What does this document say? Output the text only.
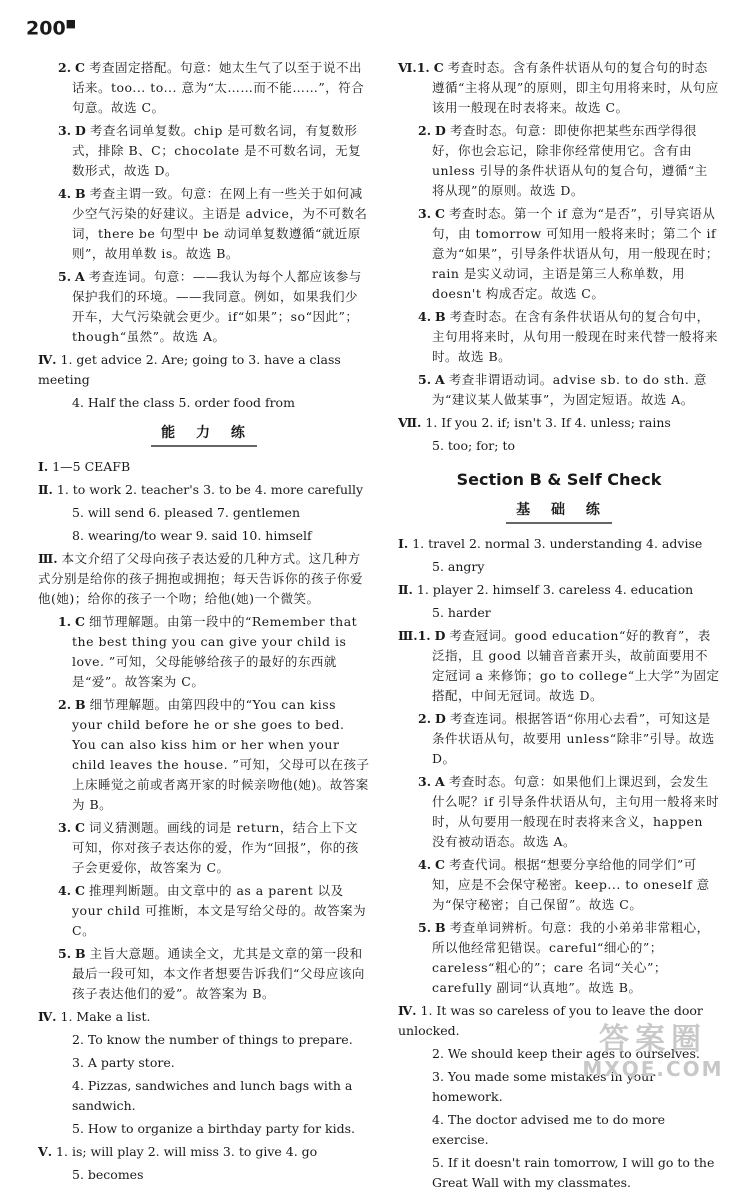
200■
2. C 考查固定搭配。句意：她太生气了以至于说不出话来。too... to... 意为“太……而不能……”，符合句意。故选 C。
3. D 考查名词单复数。chip 是可数名词，有复数形式，排除 B、C；chocolate 是不可数名词，无复数形式，故选 D。
4. B 考查主谓一致。句意：在网上有一些关于如何减少空气污染的好建议。主语是 advice，为不可数名词，there be 句型中 be 动词单复数遵循“就近原则”，故用单数 is。故选 B。
5. A 考查连词。句意：——我认为每个人都应该参与保护我们的环境。——我同意。例如，如果我们少开车，大气污染就会更少。if“如果”；so“因此”；though“虽然”。故选 A。
Ⅳ. 1. get advice 2. Are; going to 3. have a class meeting
4. Half the class 5. order food from
能 力 练
Ⅰ. 1—5 CEAFB
Ⅱ. 1. to work 2. teacher's 3. to be 4. more carefully
5. will send 6. pleased 7. gentlemen
8. wearing/to wear 9. said 10. himself
Ⅲ. 本文介绍了父母向孩子表达爱的几种方式。这几种方式分别是给你的孩子拥抱或拥抱；每天告诉你的孩子你爱他(她)；给你的孩子一个吻；给他(她)一个微笑。
1. C 细节理解题。由第一段中的“Remember that the best thing you can give your child is love. ”可知，父母能够给孩子的最好的东西就是“爱”。故答案为 C。
2. B 细节理解题。由第四段中的“You can kiss your child before he or she goes to bed. You can also kiss him or her when your child leaves the house. ”可知，父母可以在孩子上床睡觉之前或者离开家的时候亲吻他(她)。故答案为 B。
3. C 词义猜测题。画线的词是 return，结合上下文可知，你对孩子表达你的爱，作为“回报”，你的孩子会更爱你，故答案为 C。
4. C 推理判断题。由文章中的 as a parent 以及 your child 可推断，本文是写给父母的。故答案为 C。
5. B 主旨大意题。通读全文，尤其是文章的第一段和最后一段可知，本文作者想要告诉我们“父母应该向孩子表达他们的爱”。故答案为 B。
Ⅳ. 1. Make a list.
2. To know the number of things to prepare.
3. A party store.
4. Pizzas, sandwiches and lunch bags with a sandwich.
5. How to organize a birthday party for kids.
Ⅴ. 1. is; will play 2. will miss 3. to give 4. go
5. becomes
Ⅵ.1. C 考查时态。含有条件状语从句的复合句的时态遵循“主将从现”的原则，即主句用将来时，从句应该用一般现在时表将来。故选 C。
2. D 考查时态。句意：即使你把某些东西学得很好，你也会忘记，除非你经常使用它。含有由 unless 引导的条件状语从句的复合句，遵循“主将从现”的原则。故选 D。
3. C 考查时态。第一个 if 意为“是否”，引导宾语从句，由 tomorrow 可知用一般将来时；第二个 if 意为“如果”，引导条件状语从句，用一般现在时；rain 是实义动词，主语是第三人称单数，用 doesn't 构成否定。故选 C。
4. B 考查时态。在含有条件状语从句的复合句中，主句用将来时，从句用一般现在时来代替一般将来时。故选 B。
5. A 考查非谓语动词。advise sb. to do sth. 意为“建议某人做某事”，为固定短语。故选 A。
Ⅶ. 1. If you 2. if; isn't 3. If 4. unless; rains
5. too; for; to
Section B & Self Check
基 础 练
Ⅰ. 1. travel 2. normal 3. understanding 4. advise
5. angry
Ⅱ. 1. player 2. himself 3. careless 4. education
5. harder
Ⅲ.1. D 考查冠词。good education“好的教育”，表泛指，且 good 以辅音音素开头，故前面要用不定冠词 a 来修饰；go to college“上大学”为固定搭配，中间无冠词。故选 D。
2. D 考查连词。根据答语“你用心去看”，可知这是条件状语从句，故要用 unless“除非”引导。故选 D。
3. A 考查时态。句意：如果他们上课迟到，会发生什么呢？if 引导条件状语从句，主句用一般将来时时，从句要用一般现在时表将来含义，happen 没有被动语态。故选 A。
4. C 考查代词。根据“想要分享给他的同学们”可知，应是不会保守秘密。keep... to oneself 意为“保守秘密；自己保留”。故选 C。
5. B 考查单词辨析。句意：我的小弟弟非常粗心，所以他经常犯错误。careful“细心的”；careless“粗心的”；care 名词“关心”；carefully 副词“认真地”。故选 B。
Ⅳ. 1. It was so careless of you to leave the door unlocked.
2. We should keep their ages to ourselves.
3. You made some mistakes in your homework.
4. The doctor advised me to do more exercise.
5. If it doesn't rain tomorrow, I will go to the Great Wall with my classmates.
答案圈
MXQE.COM
